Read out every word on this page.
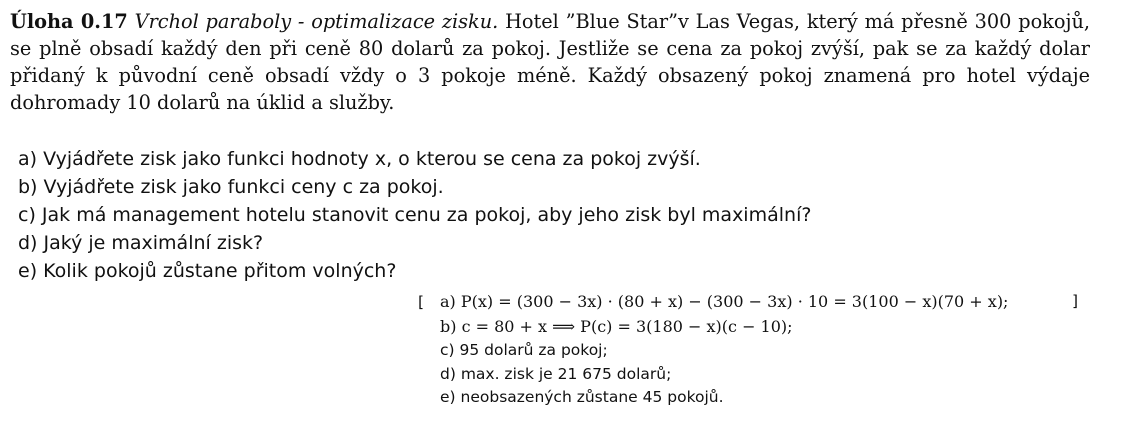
Úloha 0.17 Vrchol paraboly - optimalizace zisku. Hotel ”Blue Star”v Las Vegas, který má přesně 300 pokojů, se plně obsadí každý den při ceně 80 dolarů za pokoj. Jestliže se cena za pokoj zvýší, pak se za každý dolar přidaný k původní ceně obsadí vždy o 3 pokoje méně. Každý obsazený pokoj znamená pro hotel výdaje dohromady 10 dolarů na úklid a služby.
a) Vyjádřete zisk jako funkci hodnoty x, o kterou se cena za pokoj zvýší.
b) Vyjádřete zisk jako funkci ceny c za pokoj.
c) Jak má management hotelu stanovit cenu za pokoj, aby jeho zisk byl maximální?
d) Jaký je maximální zisk?
e) Kolik pokojů zůstane přitom volných?
[ a) P(x) = (300 − 3x) · (80 + x) − (300 − 3x) · 10 = 3(100 − x)(70 + x);	]
b) c = 80 + x ⟹ P(c) = 3(180 − x)(c − 10);
c) 95 dolarů za pokoj;
d) max. zisk je 21 675 dolarů;
e) neobsazených zůstane 45 pokojů.
